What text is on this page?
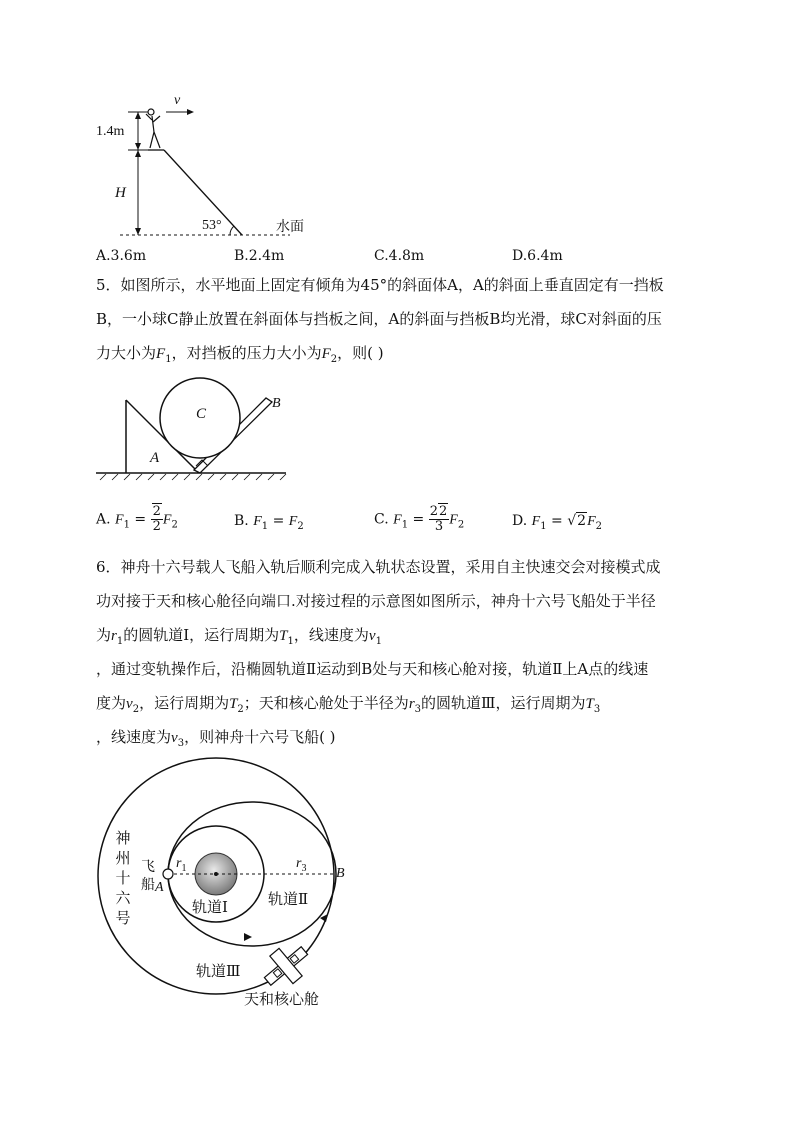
v
1.4m
H
53°	水面
A.3.6m	B.2.4m	C.4.8m	D.6.4m
5．如图所示，水平地面上固定有倾角为45°的斜面体A，A的斜面上垂直固定有一挡板
B，一小球C静止放置在斜面体与挡板之间，A的斜面与挡板B均光滑，球C对斜面的压
力大小为$F_1$，对挡板的压力大小为$F_2$，则( )
C
A
B
A. $F_1 = \frac{2}{2} F_2$	B. $F_1 = F_2$	C. $F_1 = \frac{22}{3} F_2$	D. $F_1 = √2F_2$
6．神舟十六号载人飞船入轨后顺利完成入轨状态设置，采用自主快速交会对接模式成
功对接于天和核心舱径向端口.对接过程的示意图如图所示，神舟十六号飞船处于半径
为$r_1$的圆轨道Ⅰ，运行周期为$T_1$，线速度为$v_1$
，通过变轨操作后，沿椭圆轨道Ⅱ运动到B处与天和核心舱对接，轨道Ⅱ上A点的线速
度为$v_2$，运行周期为$T_2$；天和核心舱处于半径为$r_3$的圆轨道Ⅲ，运行周期为$T_3$
，线速度为$v_3$，则神舟十六号飞船( )
神州十六号
飞船 A
B
$r_1$	$r_3$
轨道Ⅰ	轨道Ⅱ
轨道Ⅲ
天和核心舱
